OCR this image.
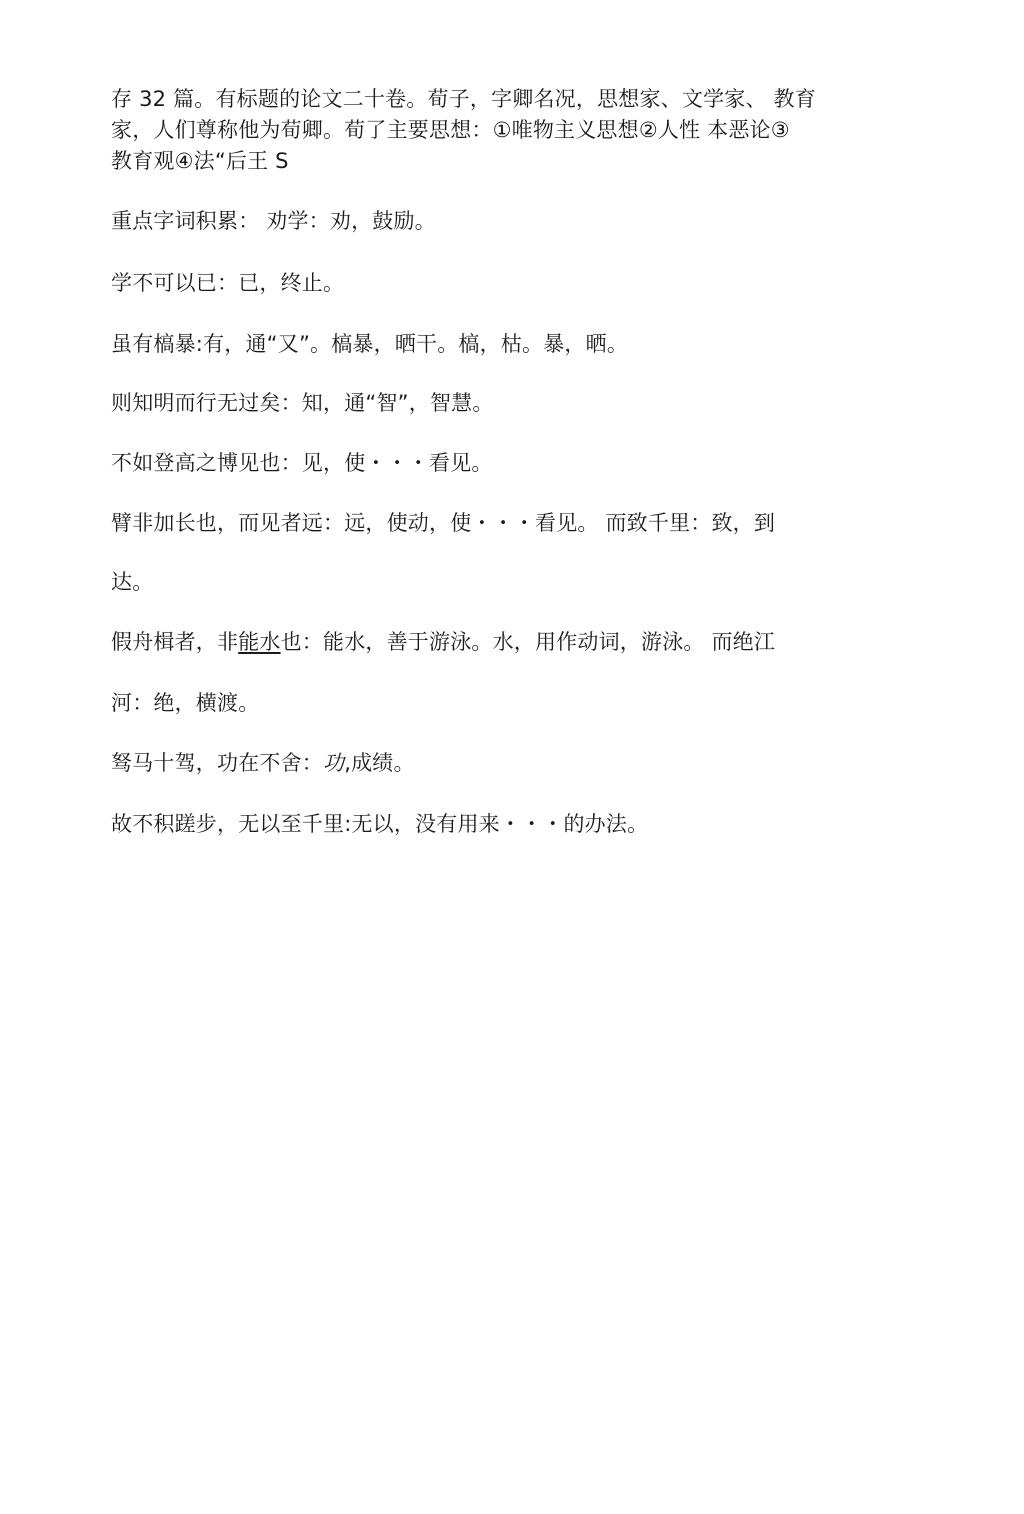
存 32 篇。有标题的论文二十卷。荀子，字卿名况，思想家、文学家、 教育
家，人们尊称他为荀卿。荀了主要思想：①唯物主义思想②人性 本恶论③
教育观④法“后王 S
重点字词积累： 劝学：劝，鼓励。
学不可以已：已，终止。
虽有槁暴:有，通“又”。槁暴，晒干。槁，枯。暴，晒。
则知明而行无过矣：知，通“智”，智慧。
不如登高之博见也：见，使・・・看见。
臂非加长也，而见者远：远，使动，使・・・看见。 而致千里：致，到
达。
假舟楫者，非能水也：能水，善于游泳。水，用作动词，游泳。 而绝江
河：绝，横渡。
驽马十驾，功在不舍：功,成绩。
故不积蹉步，无以至千里:无以，没有用来・・・的办法。
